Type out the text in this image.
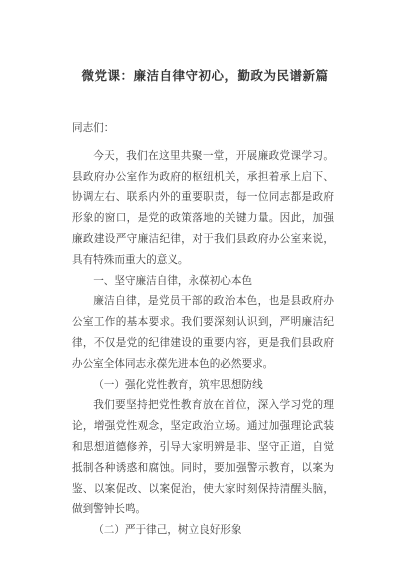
微党课：廉洁自律守初心，勤政为民谱新篇

同志们：

今天，我们在这里共聚一堂，开展廉政党课学习。县政府办公室作为政府的枢纽机关，承担着承上启下、协调左右、联系内外的重要职责，每一位同志都是政府形象的窗口，是党的政策落地的关键力量。因此，加强廉政建设严守廉洁纪律，对于我们县政府办公室来说，具有特殊而重大的意义。

一、坚守廉洁自律，永葆初心本色

廉洁自律，是党员干部的政治本色，也是县政府办公室工作的基本要求。我们要深刻认识到，严明廉洁纪律，不仅是党的纪律建设的重要内容，更是我们县政府办公室全体同志永葆先进本色的必然要求。

（一）强化党性教育，筑牢思想防线

我们要坚持把党性教育放在首位，深入学习党的理论，增强党性观念，坚定政治立场。通过加强理论武装和思想道德修养，引导大家明辨是非、坚守正道，自觉抵制各种诱惑和腐蚀。同时，要加强警示教育，以案为鉴、以案促改、以案促治，使大家时刻保持清醒头脑，做到警钟长鸣。

（二）严于律己，树立良好形象
